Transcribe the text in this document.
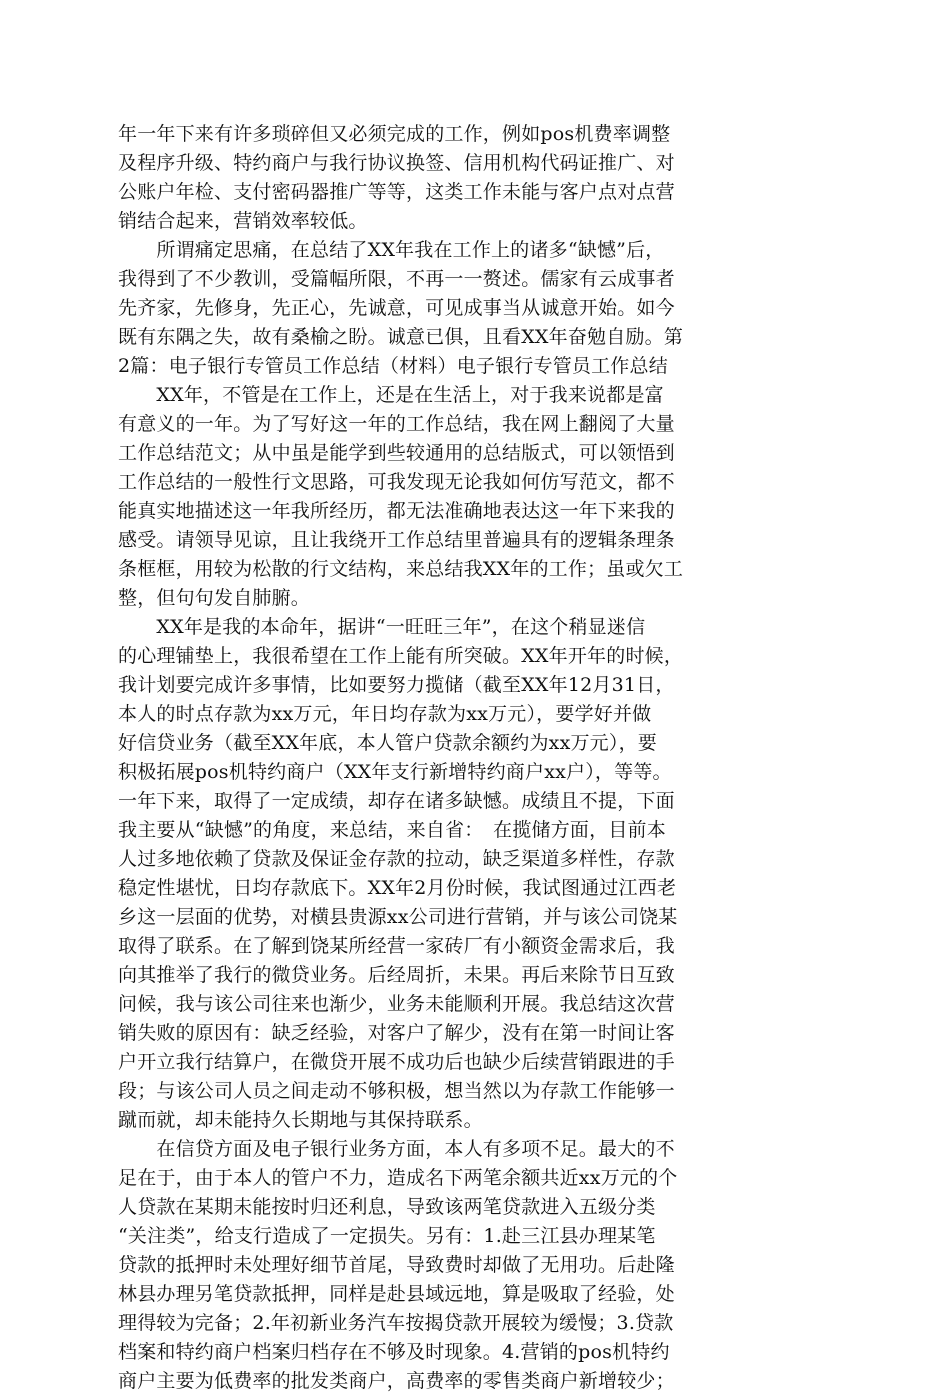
年一年下来有许多琐碎但又必须完成的工作，例如pos机费率调整
及程序升级、特约商户与我行协议换签、信用机构代码证推广、对
公账户年检、支付密码器推广等等，这类工作未能与客户点对点营
销结合起来，营销效率较低。
　　所谓痛定思痛，在总结了XX年我在工作上的诸多“缺憾”后，
我得到了不少教训，受篇幅所限，不再一一赘述。儒家有云成事者
先齐家，先修身，先正心，先诚意，可见成事当从诚意开始。如今
既有东隅之失，故有桑榆之盼。诚意已俱，且看XX年奋勉自励。第
2篇：电子银行专管员工作总结（材料）电子银行专管员工作总结
　　XX年，不管是在工作上，还是在生活上，对于我来说都是富
有意义的一年。为了写好这一年的工作总结，我在网上翻阅了大量
工作总结范文；从中虽是能学到些较通用的总结版式，可以领悟到
工作总结的一般性行文思路，可我发现无论我如何仿写范文，都不
能真实地描述这一年我所经历，都无法准确地表达这一年下来我的
感受。请领导见谅，且让我绕开工作总结里普遍具有的逻辑条理条
条框框，用较为松散的行文结构，来总结我XX年的工作；虽或欠工
整，但句句发自肺腑。
　　XX年是我的本命年，据讲“一旺旺三年”，在这个稍显迷信
的心理铺垫上，我很希望在工作上能有所突破。XX年开年的时候，
我计划要完成许多事情，比如要努力揽储（截至XX年12月31日，
本人的时点存款为xx万元，年日均存款为xx万元），要学好并做
好信贷业务（截至XX年底，本人管户贷款余额约为xx万元），要
积极拓展pos机特约商户（XX年支行新增特约商户xx户），等等。
一年下来，取得了一定成绩，却存在诸多缺憾。成绩且不提，下面
我主要从“缺憾”的角度，来总结，来自省：　在揽储方面，目前本
人过多地依赖了贷款及保证金存款的拉动，缺乏渠道多样性，存款
稳定性堪忧，日均存款底下。XX年2月份时候，我试图通过江西老
乡这一层面的优势，对横县贵源xx公司进行营销，并与该公司饶某
取得了联系。在了解到饶某所经营一家砖厂有小额资金需求后，我
向其推举了我行的微贷业务。后经周折，未果。再后来除节日互致
问候，我与该公司往来也渐少，业务未能顺利开展。我总结这次营
销失败的原因有：缺乏经验，对客户了解少，没有在第一时间让客
户开立我行结算户，在微贷开展不成功后也缺少后续营销跟进的手
段；与该公司人员之间走动不够积极，想当然以为存款工作能够一
蹴而就，却未能持久长期地与其保持联系。
　　在信贷方面及电子银行业务方面，本人有多项不足。最大的不
足在于，由于本人的管户不力，造成名下两笔余额共近xx万元的个
人贷款在某期未能按时归还利息，导致该两笔贷款进入五级分类
“关注类”，给支行造成了一定损失。另有：1.赴三江县办理某笔
贷款的抵押时未处理好细节首尾，导致费时却做了无用功。后赴隆
林县办理另笔贷款抵押，同样是赴县域远地，算是吸取了经验，处
理得较为完备；2.年初新业务汽车按揭贷款开展较为缓慢；3.贷款
档案和特约商户档案归档存在不够及时现象。4.营销的pos机特约
商户主要为低费率的批发类商户，高费率的零售类商户新增较少；
